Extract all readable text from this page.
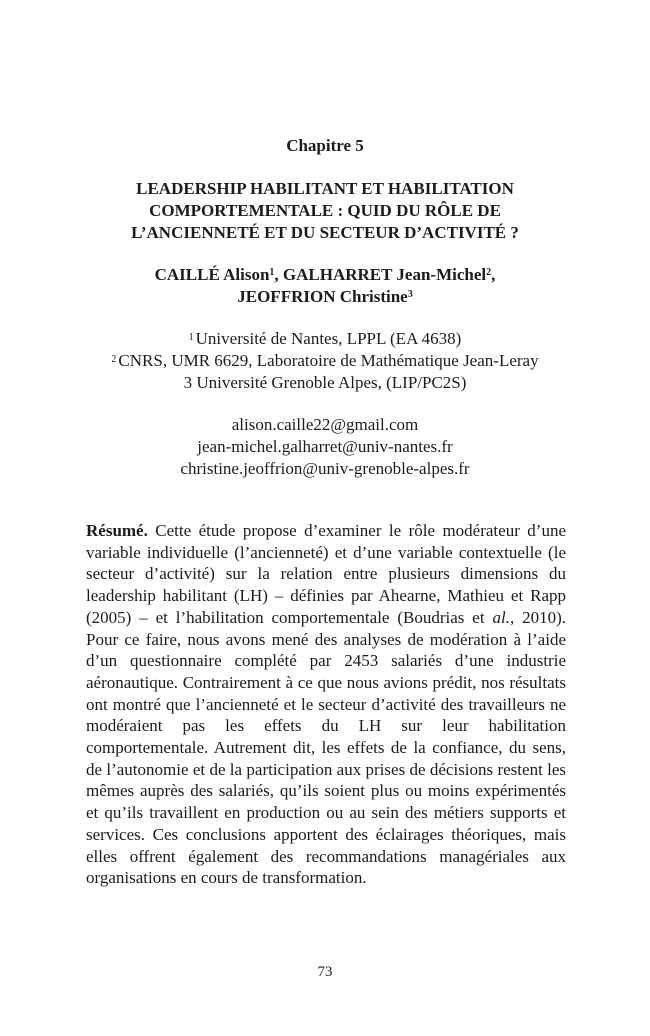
Chapitre 5
LEADERSHIP HABILITANT ET HABILITATION
COMPORTEMENTALE : QUID DU RÔLE DE
L’ANCIENNETÉ ET DU SECTEUR D’ACTIVITÉ ?
CAILLÉ Alison$^1$, GALHARRET Jean-Michel$^2$,
JEOFFRION Christine$^3$
$^1$ Université de Nantes, LPPL (EA 4638)
$^2$ CNRS, UMR 6629, Laboratoire de Mathématique Jean-Leray
3 Université Grenoble Alpes, (LIP/PC2S)
alison.caille22@gmail.com
jean-michel.galharret@univ-nantes.fr
christine.jeoffrion@univ-grenoble-alpes.fr

Résumé. Cette étude propose d’examiner le rôle modérateur d’une variable individuelle (l’ancienneté) et d’une variable contextuelle (le secteur d’activité) sur la relation entre plusieurs dimensions du leadership habilitant (LH) – définies par Ahearne, Mathieu et Rapp (2005) – et l’habilitation comportementale (Boudrias et al., 2010). Pour ce faire, nous avons mené des analyses de modération à l’aide d’un questionnaire complété par 2453 salariés d’une industrie aéronautique. Contrairement à ce que nous avions prédit, nos résultats ont montré que l’ancienneté et le secteur d’activité des travailleurs ne modéraient pas les effets du LH sur leur habilitation comportementale. Autrement dit, les effets de la confiance, du sens, de l’autonomie et de la participation aux prises de décisions restent les mêmes auprès des salariés, qu’ils soient plus ou moins expérimentés et qu’ils travaillent en production ou au sein des métiers supports et services. Ces conclusions apportent des éclairages théoriques, mais elles offrent également des recommandations managériales aux organisations en cours de transformation.

73
